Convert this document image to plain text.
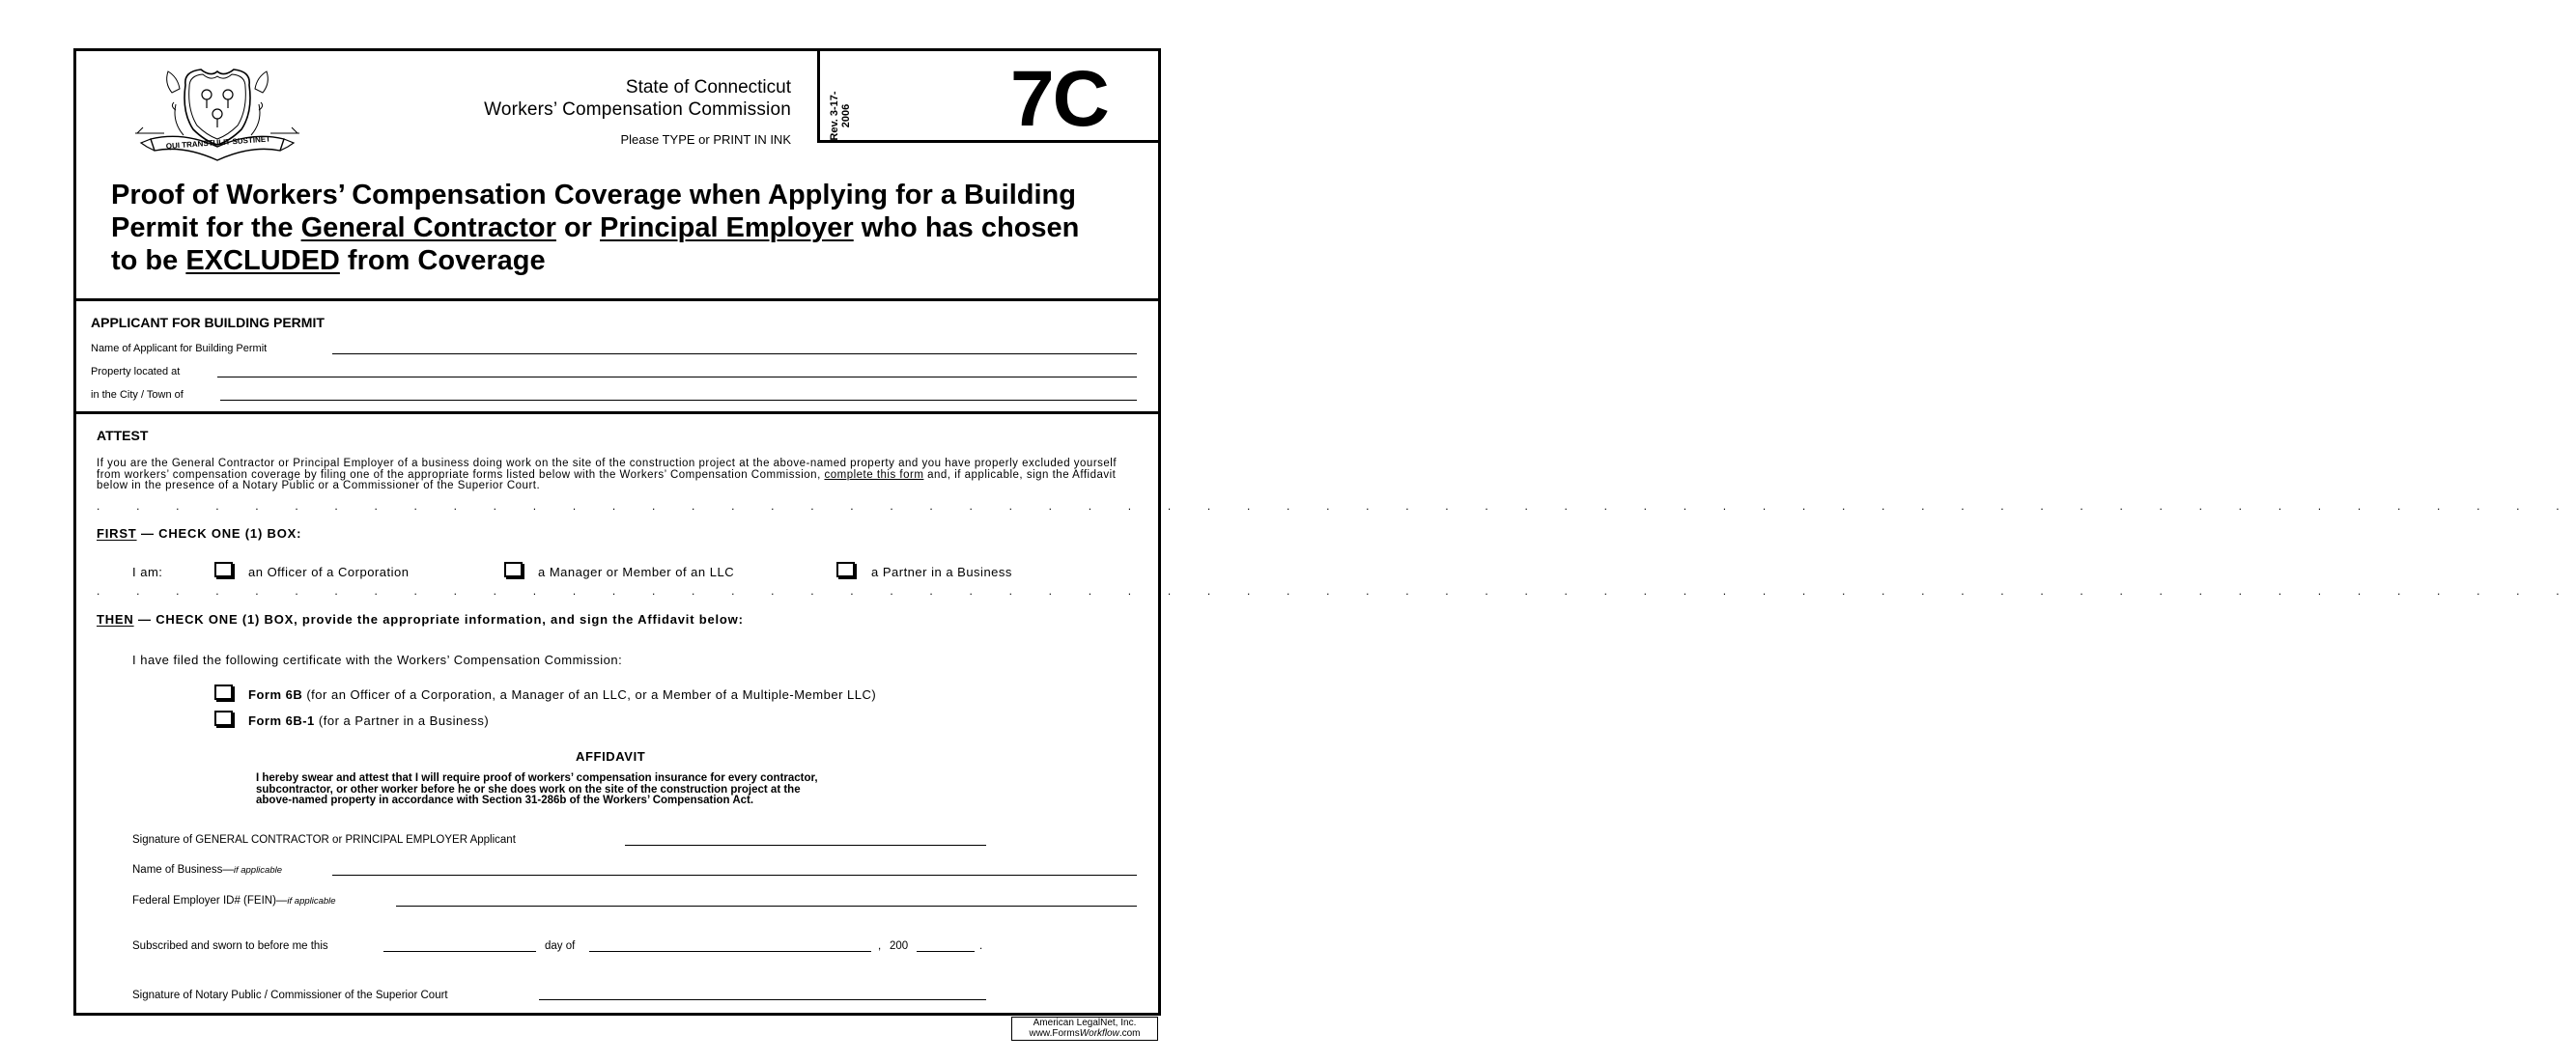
QUI TRANSTULIT SUSTINET
State of Connecticut
Workers’ Compensation Commission
Please TYPE or PRINT IN INK	Rev. 3-17-2006 7C
Proof of Workers’ Compensation Coverage when Applying for a Building Permit for the General Contractor or Principal Employer who has chosen to be EXCLUDED from Coverage
APPLICANT FOR BUILDING PERMIT
Name of Applicant for Building Permit
Property located at
in the City / Town of
ATTEST
If you are the General Contractor or Principal Employer of a business doing work on the site of the construction project at the above-named property and you have properly excluded yourself from workers’ compensation coverage by filing one of the appropriate forms listed below with the Workers’ Compensation Commission, complete this form and, if applicable, sign the Affidavit below in the presence of a Notary Public or a Commissioner of the Superior Court.
. . . . . . . . . . . . . . . . . . . . . . . . . . . . . . . . . . . . . . . . . . . . . . . . . . . . . . . . . . . . . . .
FIRST — CHECK ONE (1) BOX:
I am:	an Officer of a Corporation	a Manager or Member of an LLC	a Partner in a Business
. . . . . . . . . . . . . . . . . . . . . . . . . . . . . . . . . . . . . . . . . . . . . . . . . . . . . . . . . . . . . . .
THEN — CHECK ONE (1) BOX, provide the appropriate information, and sign the Affidavit below:
I have filed the following certificate with the Workers’ Compensation Commission:
Form 6B (for an Officer of a Corporation, a Manager of an LLC, or a Member of a Multiple-Member LLC)
Form 6B-1 (for a Partner in a Business)
AFFIDAVIT
I hereby swear and attest that I will require proof of workers’ compensation insurance for every contractor,
subcontractor, or other worker before he or she does work on the site of the construction project at the
above-named property in accordance with Section 31-286b of the Workers’ Compensation Act.
Signature of GENERAL CONTRACTOR or PRINCIPAL EMPLOYER Applicant
Name of Business—if applicable
Federal Employer ID# (FEIN)—if applicable
Subscribed and sworn to before me this	day of	, 200	.
Signature of Notary Public / Commissioner of the Superior Court
American LegalNet, Inc.
www.FormsWorkflow.com
